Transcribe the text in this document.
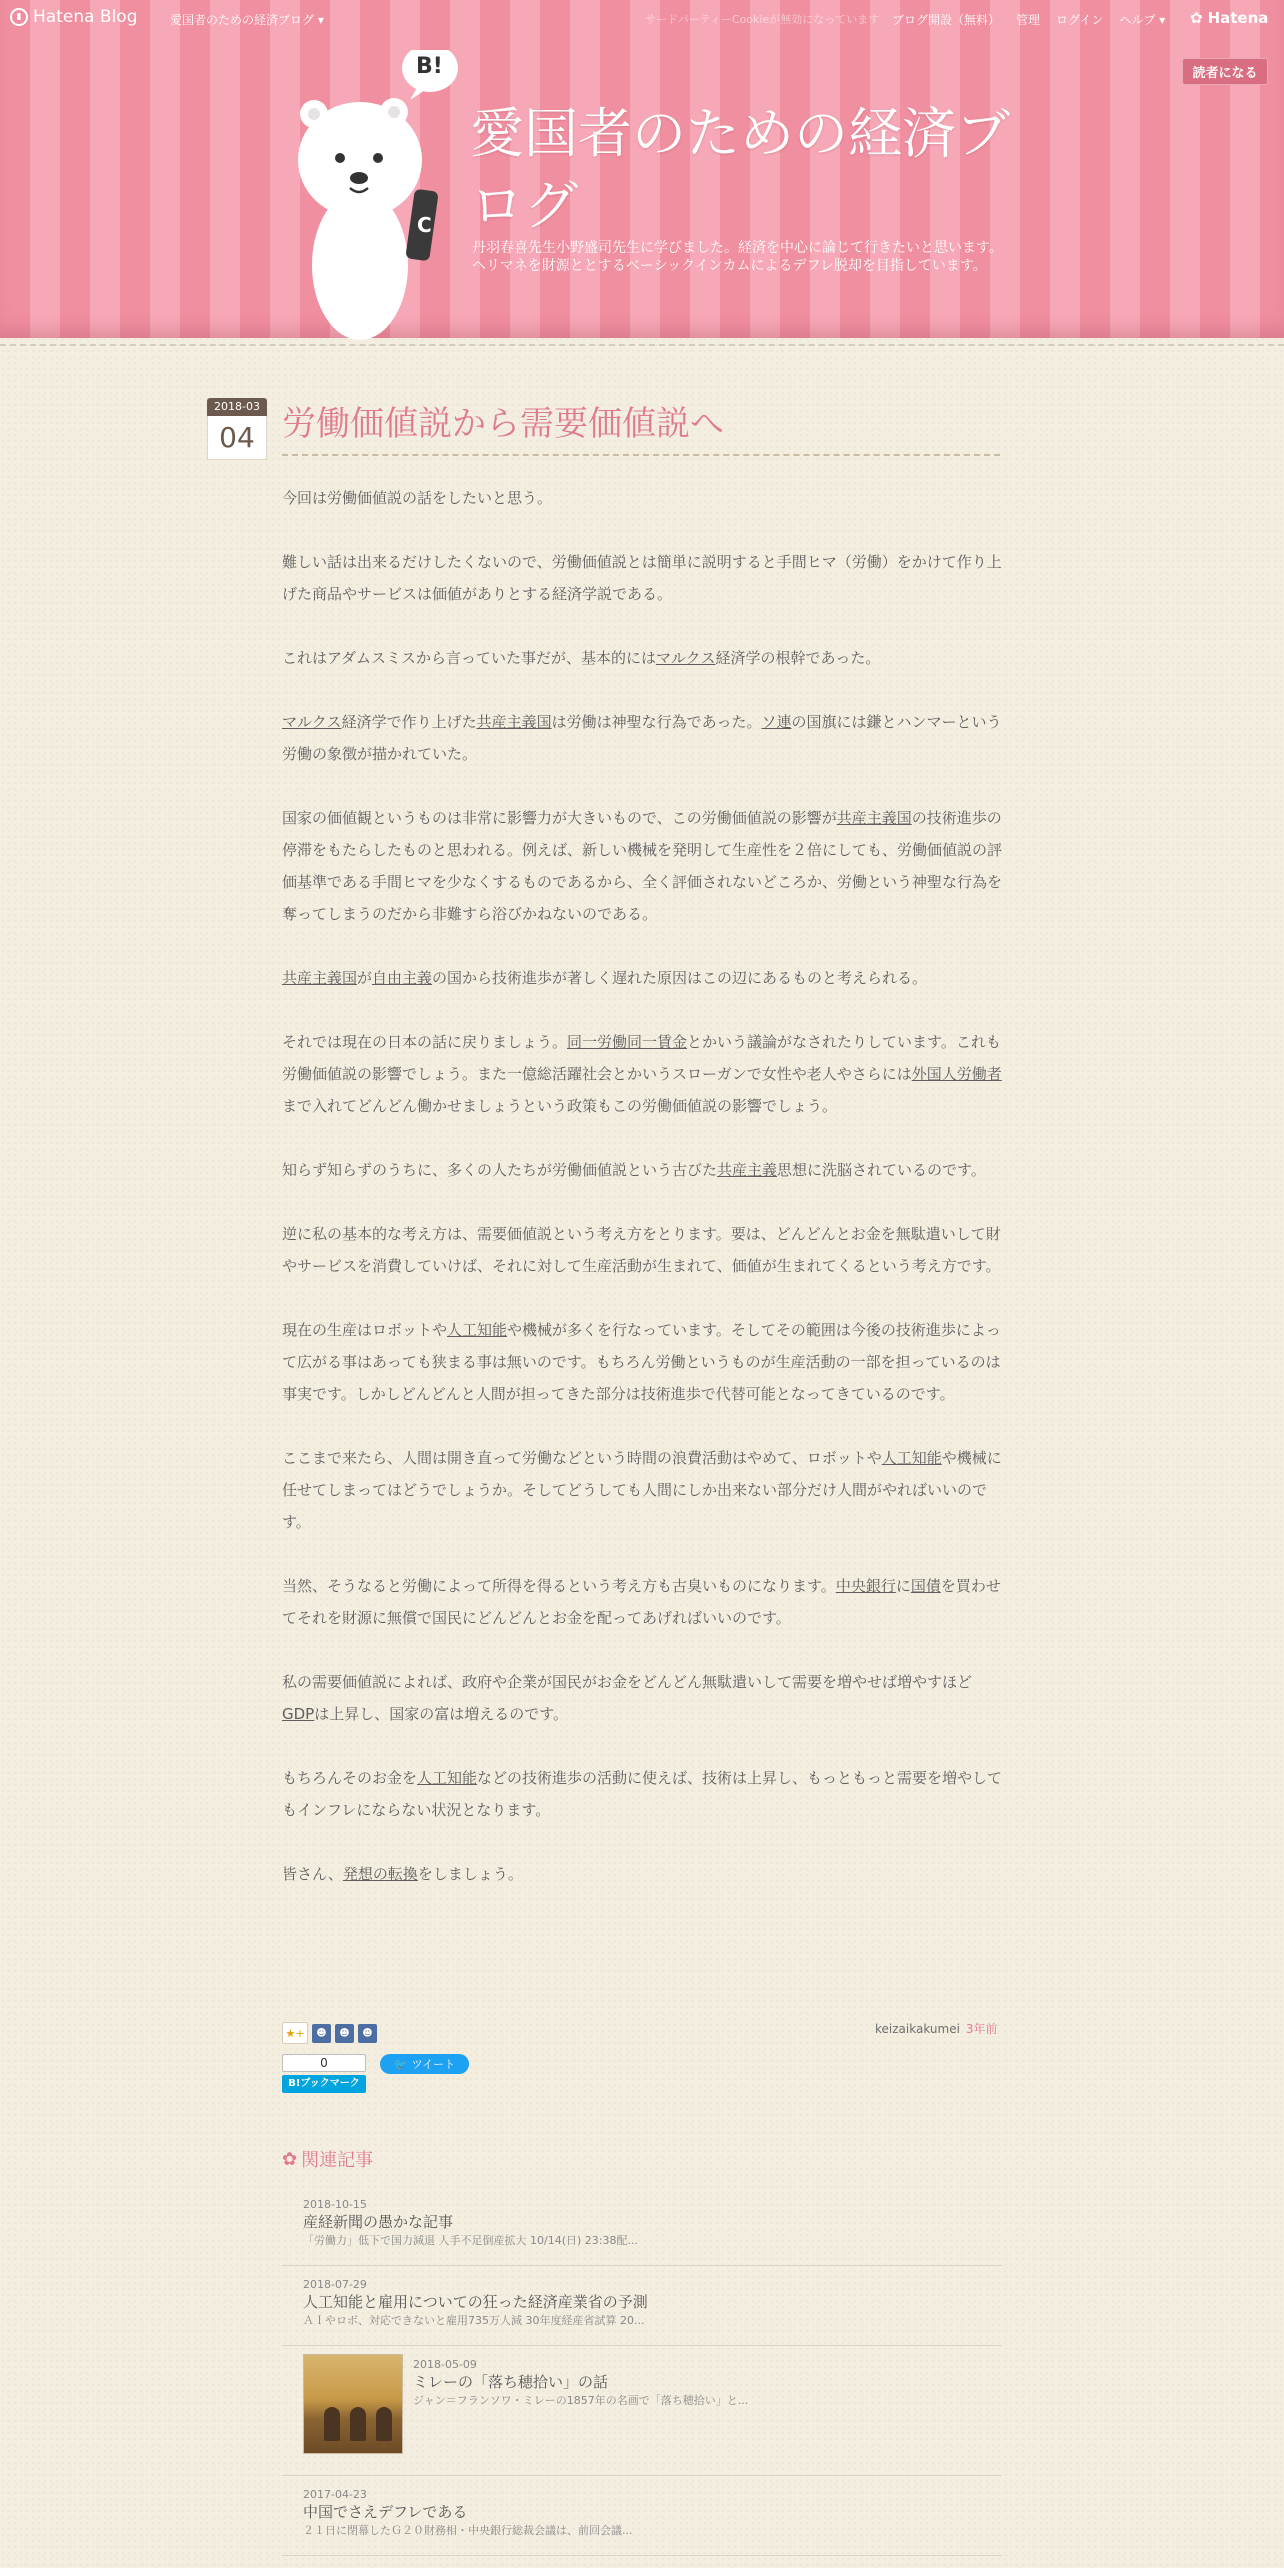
▮ Hatena Blog	愛国者のための経済ブログ ▾	サードパーティーCookieが無効になっています ブログ開設（無料） 管理 ログイン ヘルプ ▾ ✿ Hatena
読者になる
C
B!
愛国者のための経済ブログ
丹羽春喜先生小野盛司先生に学びました。経済を中心に論じて行きたいと思います。ヘリマネを財源ととするベーシックインカムによるデフレ脱却を目指しています。
2018-03
04 労働価値説から需要価値説へ

今回は労働価値説の話をしたいと思う。

難しい話は出来るだけしたくないので、労働価値説とは簡単に説明すると手間ヒマ（労働）をかけて作り上げた商品やサービスは価値がありとする経済学説である。

これはアダムスミスから言っていた事だが、基本的にはマルクス経済学の根幹であった。

マルクス経済学で作り上げた共産主義国は労働は神聖な行為であった。ソ連の国旗には鎌とハンマーという労働の象徴が描かれていた。

国家の価値観というものは非常に影響力が大きいもので、この労働価値説の影響が共産主義国の技術進歩の停滞をもたらしたものと思われる。例えば、新しい機械を発明して生産性を２倍にしても、労働価値説の評価基準である手間ヒマを少なくするものであるから、全く評価されないどころか、労働という神聖な行為を奪ってしまうのだから非難すら浴びかねないのである。

共産主義国が自由主義の国から技術進歩が著しく遅れた原因はこの辺にあるものと考えられる。

それでは現在の日本の話に戻りましょう。同一労働同一賃金とかいう議論がなされたりしています。これも労働価値説の影響でしょう。また一億総活躍社会とかいうスローガンで女性や老人やさらには外国人労働者まで入れてどんどん働かせましょうという政策もこの労働価値説の影響でしょう。

知らず知らずのうちに、多くの人たちが労働価値説という古びた共産主義思想に洗脳されているのです。

逆に私の基本的な考え方は、需要価値説という考え方をとります。要は、どんどんとお金を無駄遣いして財やサービスを消費していけば、それに対して生産活動が生まれて、価値が生まれてくるという考え方です。

現在の生産はロボットや人工知能や機械が多くを行なっています。そしてその範囲は今後の技術進歩によって広がる事はあっても狭まる事は無いのです。もちろん労働というものが生産活動の一部を担っているのは事実です。しかしどんどんと人間が担ってきた部分は技術進歩で代替可能となってきているのです。

ここまで来たら、人間は開き直って労働などという時間の浪費活動はやめて、ロボットや人工知能や機械に任せてしまってはどうでしょうか。そしてどうしても人間にしか出来ない部分だけ人間がやればいいのです。

当然、そうなると労働によって所得を得るという考え方も古臭いものになります。中央銀行に国債を買わせてそれを財源に無償で国民にどんどんとお金を配ってあげればいいのです。

私の需要価値説によれば、政府や企業が国民がお金をどんどん無駄遣いして需要を増やせば増やすほどGDPは上昇し、国家の富は増えるのです。

もちろんそのお金を人工知能などの技術進歩の活動に使えば、技術は上昇し、もっともっと需要を増やしてもインフレにならない状況となります。

皆さん、発想の転換をしましょう。

★+	☻	☻	☻	keizaikakumei 3年前
0
B!ブックマーク
🐦 ツイート
✿ 関連記事
2018-10-15
産経新聞の愚かな記事
「労働力」低下で国力減退 人手不足倒産拡大 10/14(日) 23:38配...
2018-07-29
人工知能と雇用についての狂った経済産業省の予測
ＡＩやロボ、対応できないと雇用735万人減 30年度経産省試算 20...
2018-05-09
ミレーの「落ち穂拾い」の話
ジャン＝フランソワ・ミレーの1857年の名画で「落ち穂拾い」と...
2017-04-23
中国でさえデフレである
２１日に閉幕したＧ２０財務相・中央銀行総裁会議は、前回会議...
